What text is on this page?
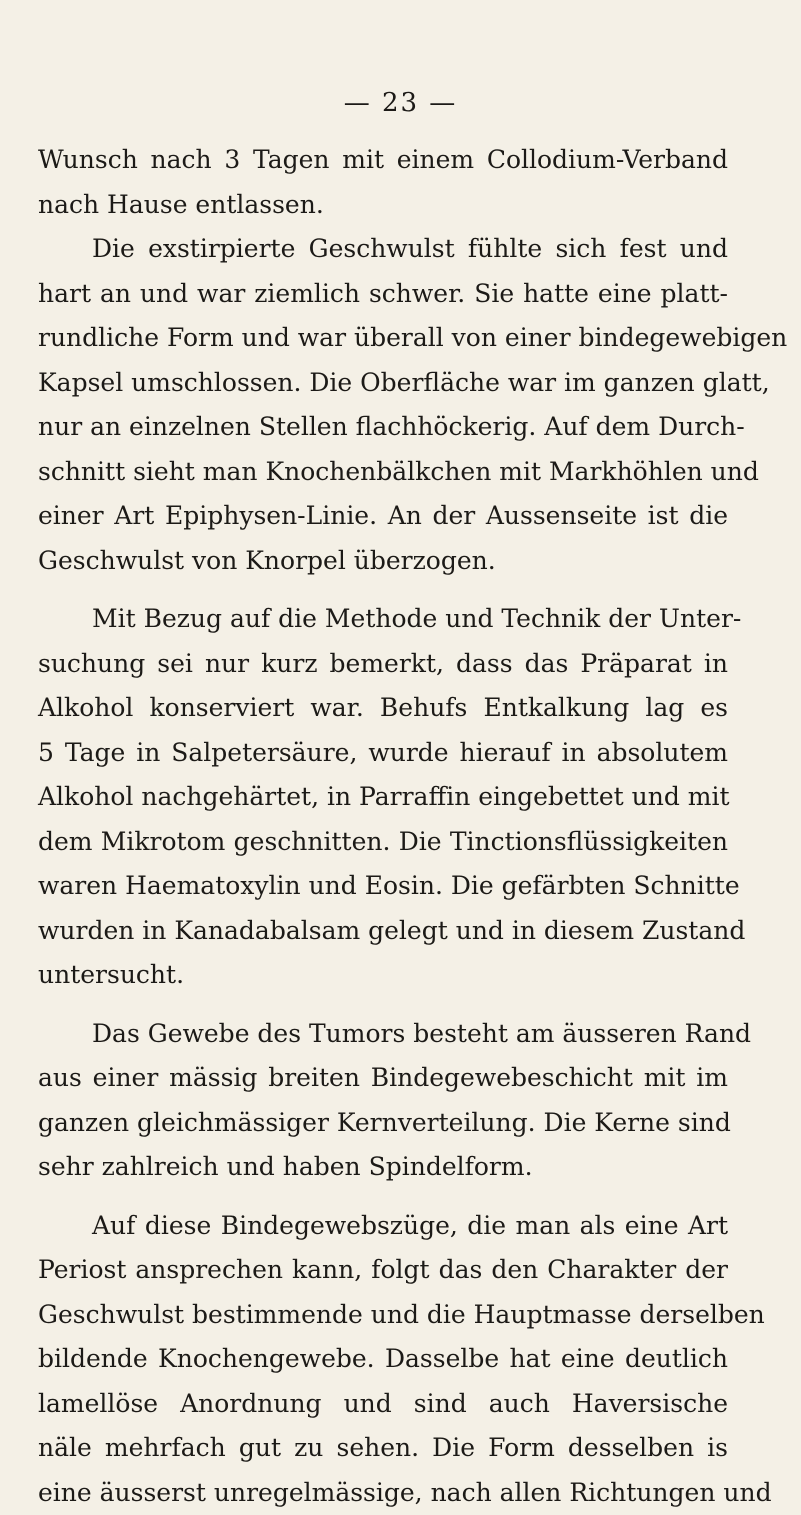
— 23 —
Wunsch nach 3 Tagen mit einem Collodium-Verband
nach Hause entlassen.
Die exstirpierte Geschwulst fühlte sich fest und
hart an und war ziemlich schwer. Sie hatte eine platt-
rundliche Form und war überall von einer bindegewebigen
Kapsel umschlossen. Die Oberfläche war im ganzen glatt,
nur an einzelnen Stellen flachhöckerig. Auf dem Durch-
schnitt sieht man Knochenbälkchen mit Markhöhlen und
einer Art Epiphysen-Linie. An der Aussenseite ist die
Geschwulst von Knorpel überzogen.
Mit Bezug auf die Methode und Technik der Unter-
suchung sei nur kurz bemerkt, dass das Präparat in
Alkohol konserviert war. Behufs Entkalkung lag es
5 Tage in Salpetersäure, wurde hierauf in absolutem
Alkohol nachgehärtet, in Parraffin eingebettet und mit
dem Mikrotom geschnitten. Die Tinctionsflüssigkeiten
waren Haematoxylin und Eosin. Die gefärbten Schnitte
wurden in Kanadabalsam gelegt und in diesem Zustand
untersucht.
Das Gewebe des Tumors besteht am äusseren Rand
aus einer mässig breiten Bindegewebeschicht mit im
ganzen gleichmässiger Kernverteilung. Die Kerne sind
sehr zahlreich und haben Spindelform.
Auf diese Bindegewebszüge, die man als eine Art
Periost ansprechen kann, folgt das den Charakter der
Geschwulst bestimmende und die Hauptmasse derselben
bildende Knochengewebe. Dasselbe hat eine deutlich
lamellöse Anordnung und sind auch Haversische
näle mehrfach gut zu sehen. Die Form desselben is
eine äusserst unregelmässige, nach allen Richtungen und
